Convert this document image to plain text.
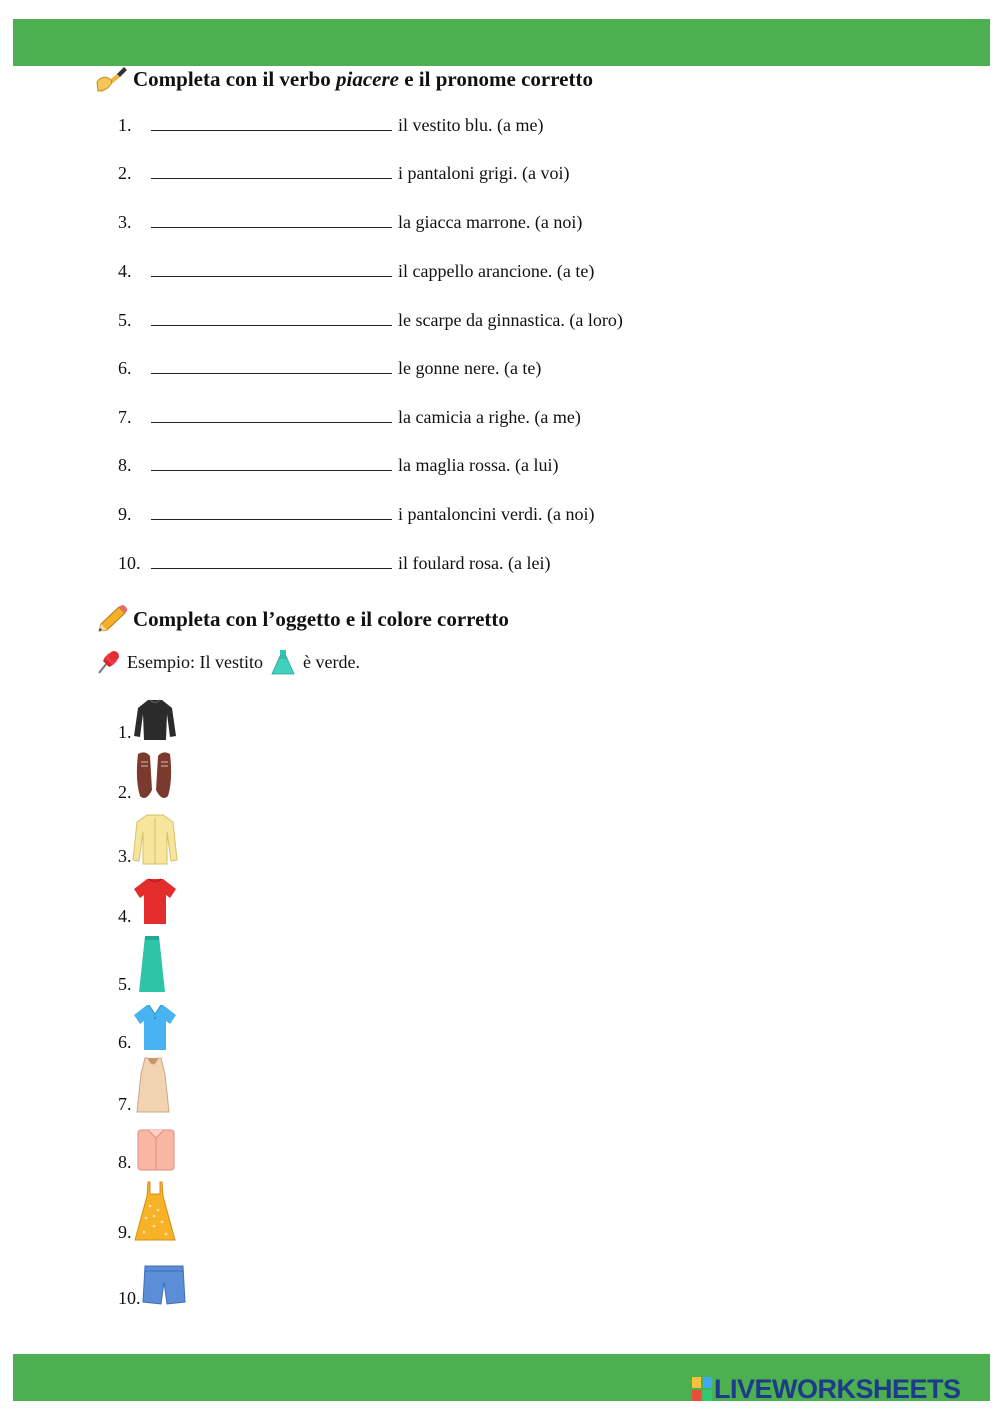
Completa con il verbo
piacere
e il pronome corretto
1.	il vestito blu. (a me)
2.	i pantaloni grigi. (a voi)
3.	la giacca marrone. (a noi)
4.	il cappello arancione. (a te)
5.	le scarpe da ginnastica. (a loro)
6.	le gonne nere. (a te)
7.	la camicia a righe. (a me)
8.	la maglia rossa. (a lui)
9.	i pantaloncini verdi. (a noi)
10.	il foulard rosa. (a lei)
Completa con l’oggetto e il colore corretto
Esempio: Il vestito è verde.
1.
2.
3.
4.
5.
6.
7.
8.
9.
10.
LIVEWORKSHEETS
